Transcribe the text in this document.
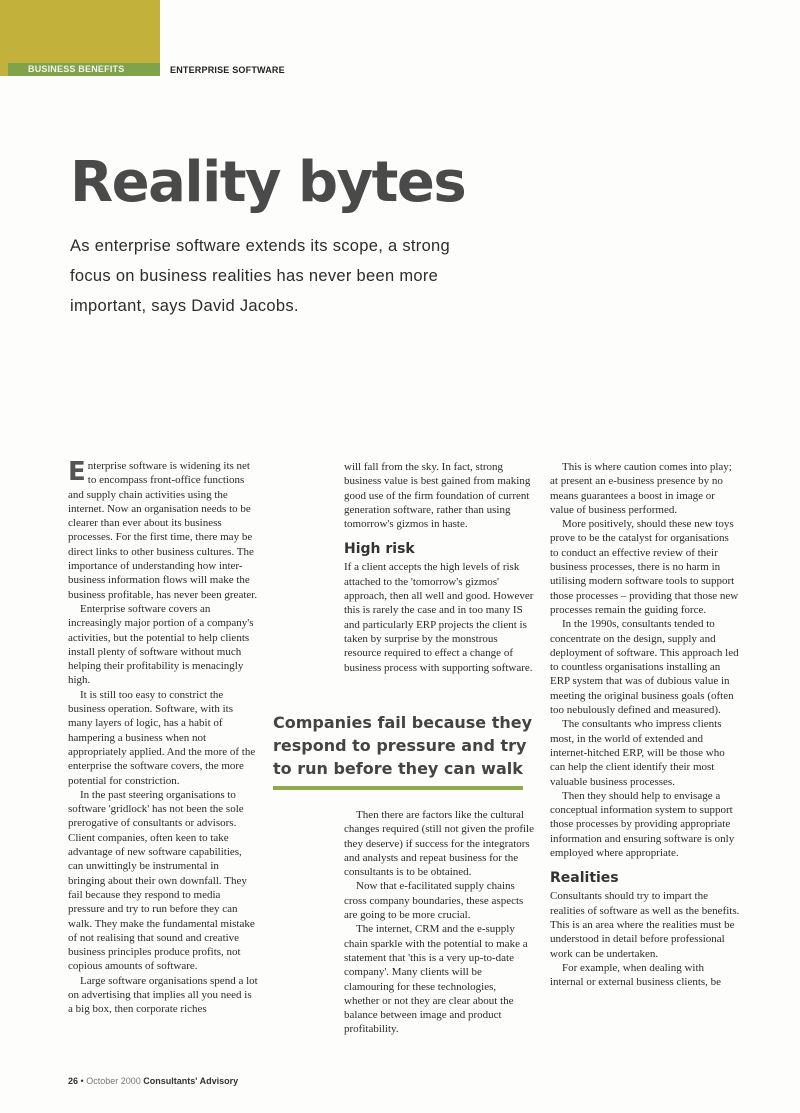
BUSINESS BENEFITS	ENTERPRISE SOFTWARE
Reality bytes

As enterprise software extends its scope, a strong focus on business realities has never been more important, says David Jacobs.

Enterprise software is widening its net to encompass front-office functions and supply chain activities using the internet. Now an organisation needs to be clearer than ever about its business processes. For the first time, there may be direct links to other business cultures. The importance of understanding how inter-business information flows will make the business profitable, has never been greater.

Enterprise software covers an increasingly major portion of a company's activities, but the potential to help clients install plenty of software without much helping their profitability is menacingly high.

It is still too easy to constrict the business operation. Software, with its many layers of logic, has a habit of hampering a business when not appropriately applied. And the more of the enterprise the software covers, the more potential for constriction.

In the past steering organisations to software 'gridlock' has not been the sole prerogative of consultants or advisors. Client companies, often keen to take advantage of new software capabilities, can unwittingly be instrumental in bringing about their own downfall. They fail because they respond to media pressure and try to run before they can walk. They make the fundamental mistake of not realising that sound and creative business principles produce profits, not copious amounts of software.

Large software organisations spend a lot on advertising that implies all you need is a big box, then corporate riches

will fall from the sky. In fact, strong business value is best gained from making good use of the firm foundation of current generation software, rather than using tomorrow's gizmos in haste.

High risk

If a client accepts the high levels of risk attached to the 'tomorrow's gizmos' approach, then all well and good. However this is rarely the case and in too many IS and particularly ERP projects the client is taken by surprise by the monstrous resource required to effect a change of business process with supporting software.

Companies fail because they respond to pressure and try to run before they can walk

Then there are factors like the cultural changes required (still not given the profile they deserve) if success for the integrators and analysts and repeat business for the consultants is to be obtained.

Now that e-facilitated supply chains cross company boundaries, these aspects are going to be more crucial.

The internet, CRM and the e-supply chain sparkle with the potential to make a statement that 'this is a very up-to-date company'. Many clients will be clamouring for these technologies, whether or not they are clear about the balance between image and product profitability.

This is where caution comes into play; at present an e-business presence by no means guarantees a boost in image or value of business performed.

More positively, should these new toys prove to be the catalyst for organisations to conduct an effective review of their business processes, there is no harm in utilising modern software tools to support those processes – providing that those new processes remain the guiding force.

In the 1990s, consultants tended to concentrate on the design, supply and deployment of software. This approach led to countless organisations installing an ERP system that was of dubious value in meeting the original business goals (often too nebulously defined and measured).

The consultants who impress clients most, in the world of extended and internet-hitched ERP, will be those who can help the client identify their most valuable business processes.

Then they should help to envisage a conceptual information system to support those processes by providing appropriate information and ensuring software is only employed where appropriate.

Realities

Consultants should try to impart the realities of software as well as the benefits. This is an area where the realities must be understood in detail before professional work can be undertaken.

For example, when dealing with internal or external business clients, be

26 • October 2000 Consultants' Advisory
